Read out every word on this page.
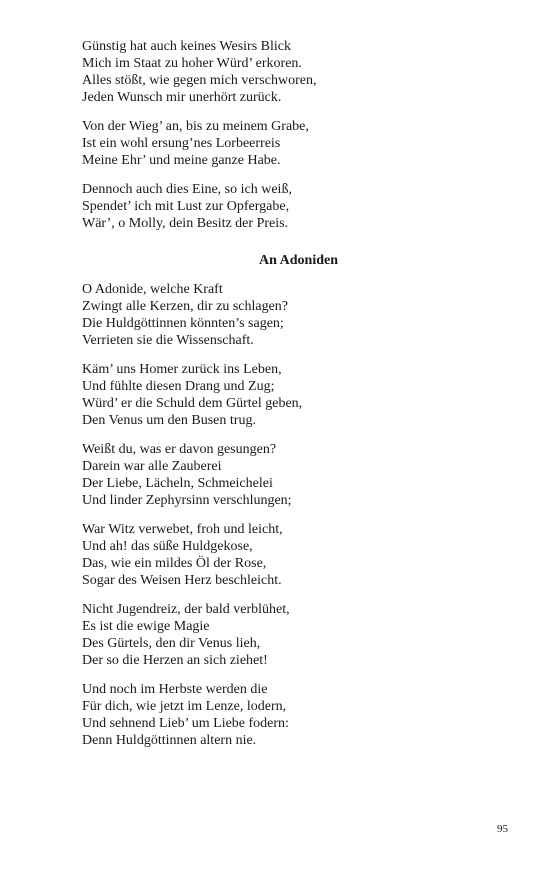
Günstig hat auch keines Wesirs Blick
Mich im Staat zu hoher Würd’ erkoren.
Alles stößt, wie gegen mich verschworen,
Jeden Wunsch mir unerhört zurück.
Von der Wieg’ an, bis zu meinem Grabe,
Ist ein wohl ersung’nes Lorbeerreis
Meine Ehr’ und meine ganze Habe.
Dennoch auch dies Eine, so ich weiß,
Spendet’ ich mit Lust zur Opfergabe,
Wär’, o Molly, dein Besitz der Preis.
An Adoniden
O Adonide, welche Kraft
Zwingt alle Kerzen, dir zu schlagen?
Die Huldgöttinnen könnten’s sagen;
Verrieten sie die Wissenschaft.
Käm’ uns Homer zurück ins Leben,
Und fühlte diesen Drang und Zug;
Würd’ er die Schuld dem Gürtel geben,
Den Venus um den Busen trug.
Weißt du, was er davon gesungen?
Darein war alle Zauberei
Der Liebe, Lächeln, Schmeichelei
Und linder Zephyrsinn verschlungen;
War Witz verwebet, froh und leicht,
Und ah! das süße Huldgekose,
Das, wie ein mildes Öl der Rose,
Sogar des Weisen Herz beschleicht.
Nicht Jugendreiz, der bald verblühet,
Es ist die ewige Magie
Des Gürtels, den dir Venus lieh,
Der so die Herzen an sich ziehet!
Und noch im Herbste werden die
Für dich, wie jetzt im Lenze, lodern,
Und sehnend Lieb’ um Liebe fodern:
Denn Huldgöttinnen altern nie.
95
